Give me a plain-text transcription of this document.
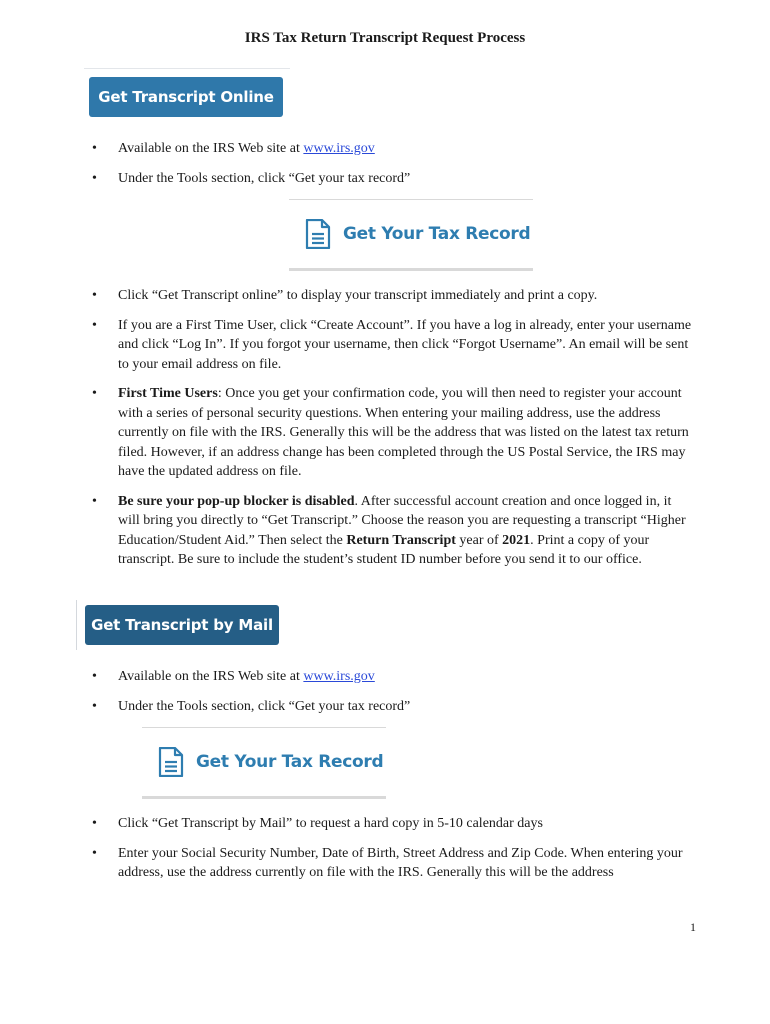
IRS Tax Return Transcript Request Process
Get Transcript Online
• Available on the IRS Web site at www.irs.gov
• Under the Tools section, click “Get your tax record”
Get Your Tax Record
• Click “Get Transcript online” to display your transcript immediately and print a copy.
• If you are a First Time User, click “Create Account”. If you have a log in already, enter your username and click “Log In”. If you forgot your username, then click “Forgot Username”. An email will be sent to your email address on file.
• First Time Users: Once you get your confirmation code, you will then need to register your account with a series of personal security questions. When entering your mailing address, use the address currently on file with the IRS. Generally this will be the address that was listed on the latest tax return filed. However, if an address change has been completed through the US Postal Service, the IRS may have the updated address on file.
• Be sure your pop-up blocker is disabled. After successful account creation and once logged in, it will bring you directly to “Get Transcript.” Choose the reason you are requesting a transcript “Higher Education/Student Aid.” Then select the Return Transcript year of 2021. Print a copy of your transcript. Be sure to include the student’s student ID number before you send it to our office.
Get Transcript by Mail
• Available on the IRS Web site at www.irs.gov
• Under the Tools section, click “Get your tax record”
Get Your Tax Record
• Click “Get Transcript by Mail” to request a hard copy in 5-10 calendar days
• Enter your Social Security Number, Date of Birth, Street Address and Zip Code. When entering your address, use the address currently on file with the IRS. Generally this will be the address
1
